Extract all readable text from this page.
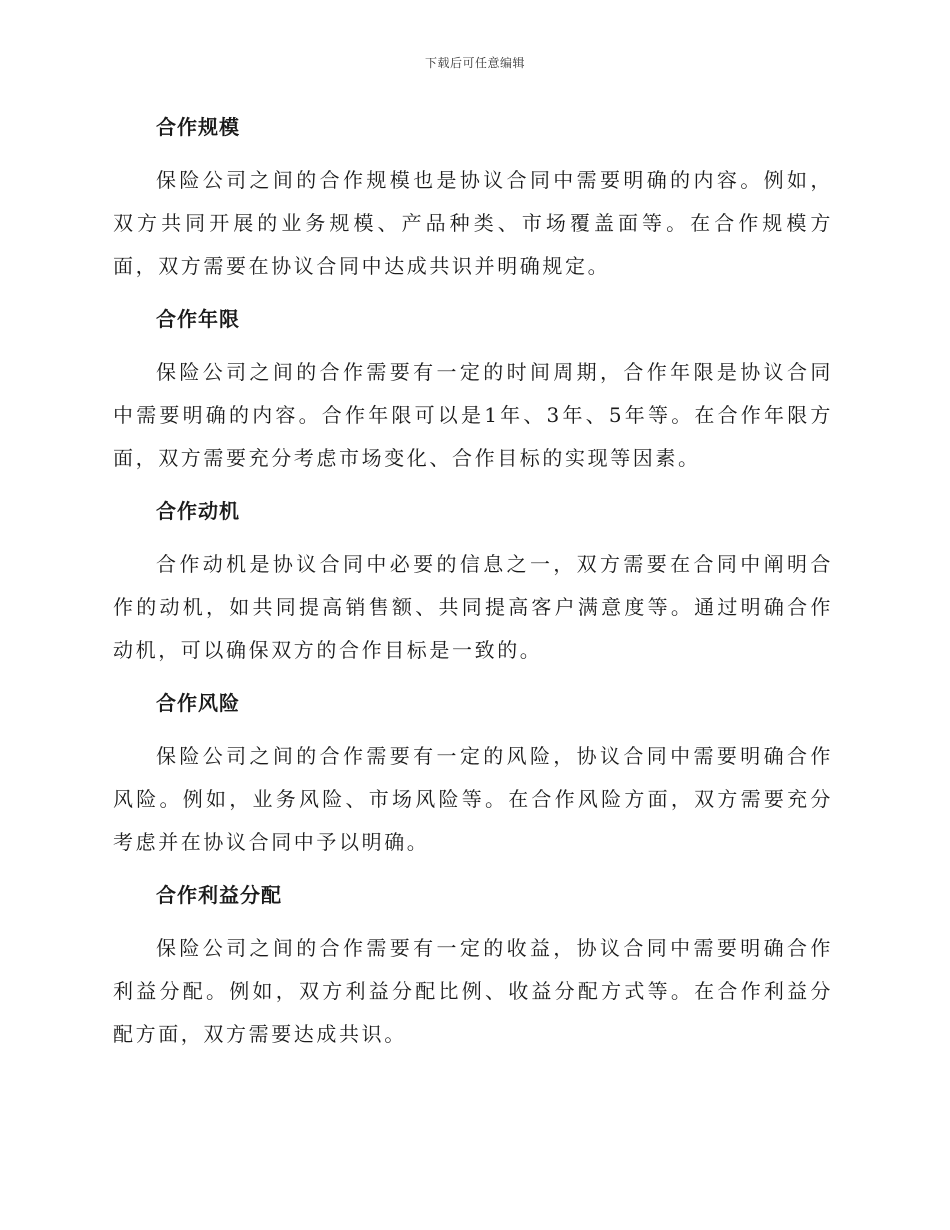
下载后可任意编辑
合作规模

保险公司之间的合作规模也是协议合同中需要明确的内容。例如，双方共同开展的业务规模、产品种类、市场覆盖面等。在合作规模方面，双方需要在协议合同中达成共识并明确规定。

合作年限

保险公司之间的合作需要有一定的时间周期，合作年限是协议合同中需要明确的内容。合作年限可以是1年、3年、5年等。在合作年限方面，双方需要充分考虑市场变化、合作目标的实现等因素。

合作动机

合作动机是协议合同中必要的信息之一，双方需要在合同中阐明合作的动机，如共同提高销售额、共同提高客户满意度等。通过明确合作动机，可以确保双方的合作目标是一致的。

合作风险

保险公司之间的合作需要有一定的风险，协议合同中需要明确合作风险。例如，业务风险、市场风险等。在合作风险方面，双方需要充分考虑并在协议合同中予以明确。

合作利益分配

保险公司之间的合作需要有一定的收益，协议合同中需要明确合作利益分配。例如，双方利益分配比例、收益分配方式等。在合作利益分配方面，双方需要达成共识。
